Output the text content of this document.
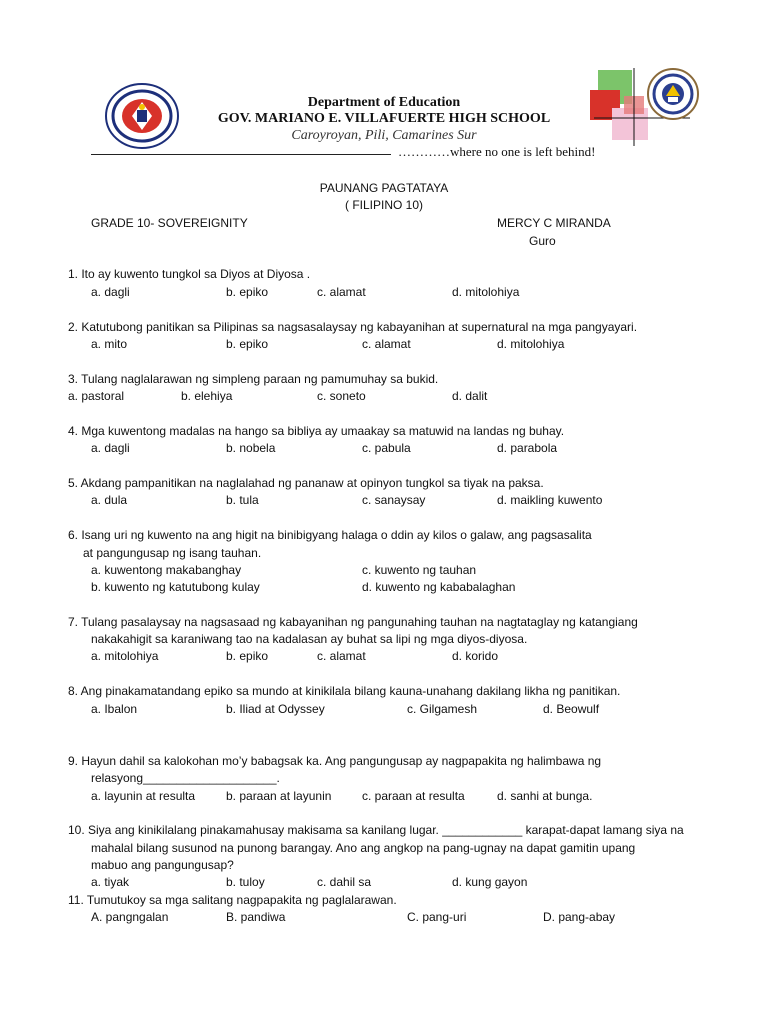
Department of Education
GOV. MARIANO E. VILLAFUERTE HIGH SCHOOL
Caroyroyan, Pili, Camarines Sur
…………where no one is left behind!
PAUNANG PAGTATAYA
( FILIPINO 10)
GRADE 10- SOVEREIGNITY	MERCY C MIRANDA
Guro
1. Ito ay kuwento tungkol sa Diyos at Diyosa .
a. dagli	b. epiko	c. alamat	d. mitolohiya
2. Katutubong panitikan sa Pilipinas sa nagsasalaysay ng kabayanihan at supernatural na mga pangyayari.
a. mito	b. epiko	c. alamat	d. mitolohiya
3. Tulang naglalarawan ng simpleng paraan ng pamumuhay sa bukid.
a. pastoral	b. elehiya	c. soneto	d. dalit
4. Mga kuwentong madalas na hango sa bibliya ay umaakay sa matuwid na landas ng buhay.
a. dagli	b. nobela	c. pabula	d. parabola
5. Akdang pampanitikan na naglalahad ng pananaw at opinyon tungkol sa tiyak na paksa.
a. dula	b. tula	c. sanaysay	d. maikling kuwento
6. Isang uri ng kuwento na ang higit na binibigyang halaga o ddin ay kilos o galaw, ang pagsasalita
at pangungusap ng isang tauhan.
a. kuwentong makabanghay	c. kuwento ng tauhan
b. kuwento ng katutubong kulay	d. kuwento ng kababalaghan
7. Tulang pasalaysay na nagsasaad ng kabayanihan ng pangunahing tauhan na nagtataglay ng katangiang
nakakahigit sa karaniwang tao na kadalasan ay buhat sa lipi ng mga diyos-diyosa.
a. mitolohiya	b. epiko	c. alamat	d. korido
8. Ang pinakamatandang epiko sa mundo at kinikilala bilang kauna-unahang dakilang likha ng panitikan.
a. Ibalon	b. Iliad at Odyssey	c. Gilgamesh	d. Beowulf
9. Hayun dahil sa kalokohan mo’y babagsak ka. Ang pangungusap ay nagpapakita ng halimbawa ng
relasyong____________________.
a. layunin at resulta	b. paraan at layunin	c. paraan at resulta	d. sanhi at bunga.
10. Siya ang kinikilalang pinakamahusay makisama sa kanilang lugar. ____________ karapat-dapat lamang siya na
mahalal bilang susunod na punong barangay. Ano ang angkop na pang-ugnay na dapat gamitin upang
mabuo ang pangungusap?
a. tiyak	b. tuloy	c. dahil sa	d. kung gayon
11. Tumutukoy sa mga salitang nagpapakita ng paglalarawan.
A. pangngalan	B. pandiwa	C. pang-uri	D. pang-abay
